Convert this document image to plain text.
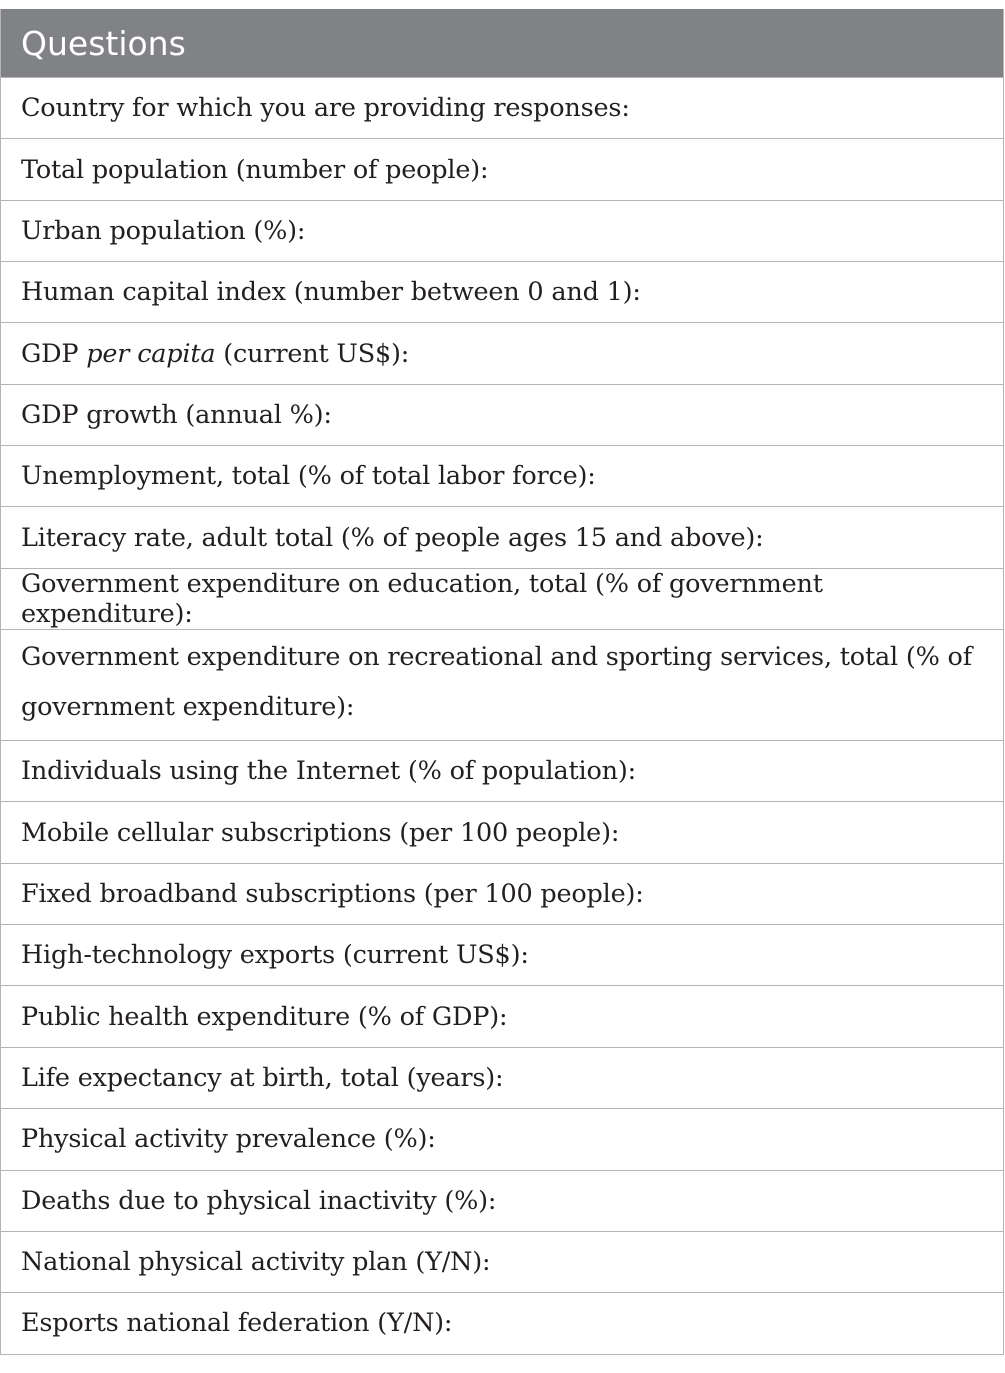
Questions
Country for which you are providing responses:
Total population (number of people):
Urban population (%):
Human capital index (number between 0 and 1):
GDP per capita (current US$):
GDP growth (annual %):
Unemployment, total (% of total labor force):
Literacy rate, adult total (% of people ages 15 and above):
Government expenditure on education, total (% of government expenditure):
Government expenditure on recreational and sporting services, total (% of government expenditure):
Individuals using the Internet (% of population):
Mobile cellular subscriptions (per 100 people):
Fixed broadband subscriptions (per 100 people):
High-technology exports (current US$):
Public health expenditure (% of GDP):
Life expectancy at birth, total (years):
Physical activity prevalence (%):
Deaths due to physical inactivity (%):
National physical activity plan (Y/N):
Esports national federation (Y/N):
